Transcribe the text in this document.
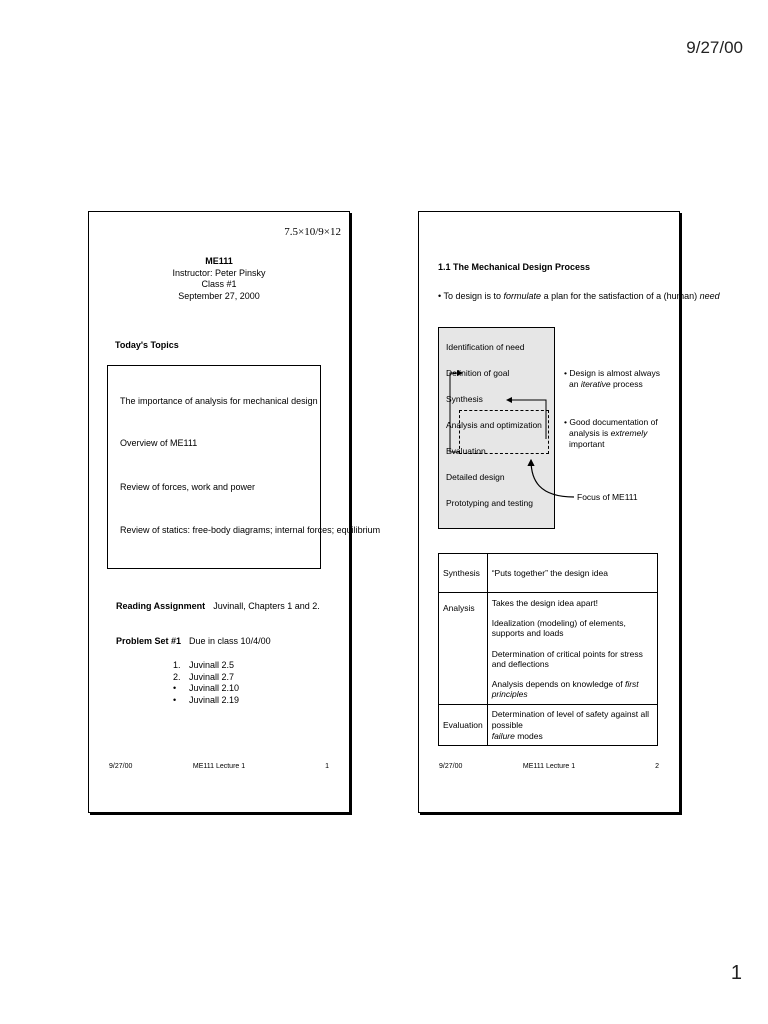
9/27/00
7.5×10/9×12
ME111
Instructor: Peter Pinsky
Class #1
September 27, 2000
Today's Topics
The importance of analysis for mechanical design
Overview of ME111
Review of forces, work and power
Review of statics: free-body diagrams; internal forces; equilibrium
Reading Assignment Juvinall, Chapters 1 and 2.
Problem Set #1 Due in class 10/4/00
1. Juvinall 2.5
2. Juvinall 2.7
•	Juvinall 2.10
•	Juvinall 2.19
9/27/00	ME111 Lecture 1	1
1.1 The Mechanical Design Process
• To design is to formulate a plan for the satisfaction of a (human) need
Identification of need
Definition of goal
Synthesis
Analysis and optimization
Evaluation
Detailed design
Prototyping and testing
• Design is almost always
an iterative process
• Good documentation of
analysis is extremely
important
Focus of ME111
Synthesis	“Puts together” the design idea
Analysis	Takes the design idea apart!
Idealization (modeling) of elements, supports and loads
Determination of critical points for stress and deflections
Analysis depends on knowledge of first principles

Evaluation	Determination of level of safety against all possible
failure modes
9/27/00	ME111 Lecture 1	2
1
